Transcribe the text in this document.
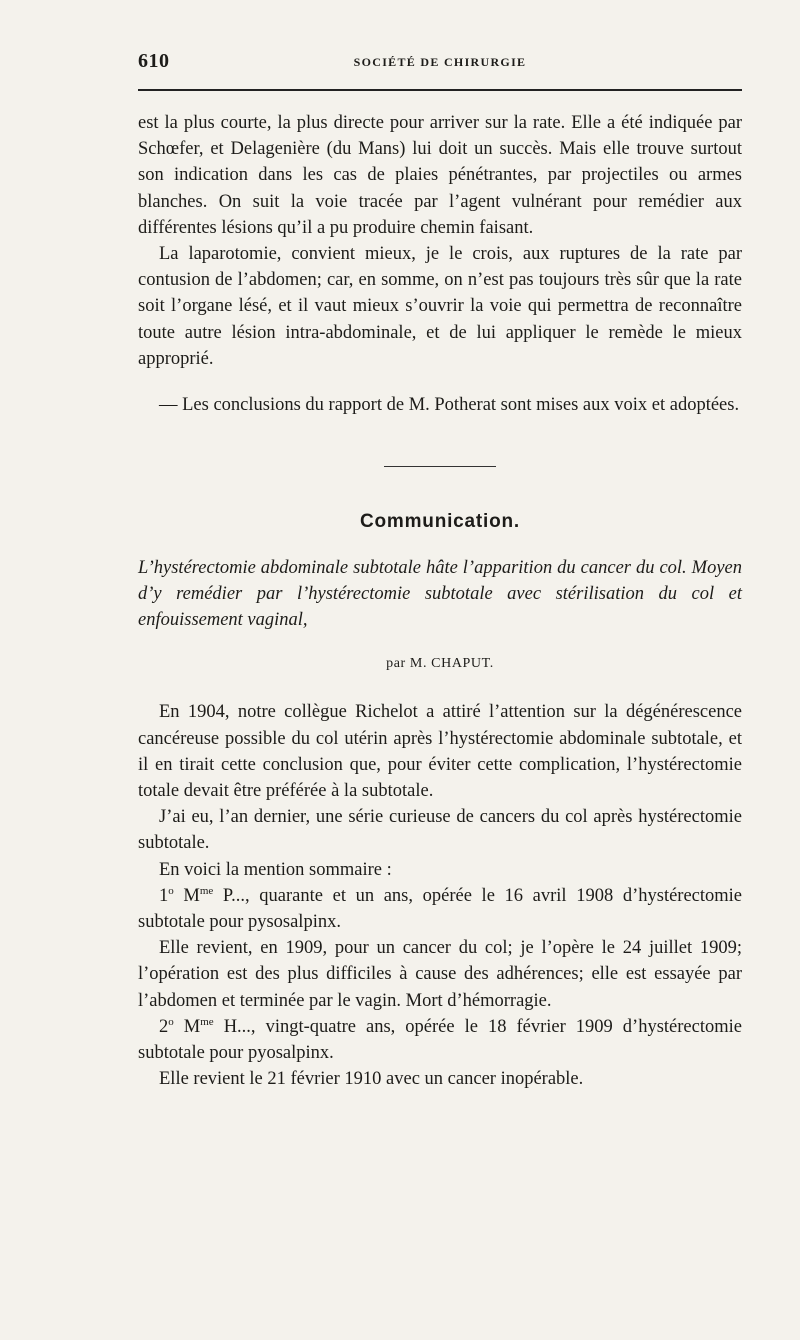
610	SOCIÉTÉ DE CHIRURGIE

est la plus courte, la plus directe pour arriver sur la rate. Elle a été indiquée par Schœfer, et Delagenière (du Mans) lui doit un succès. Mais elle trouve surtout son indication dans les cas de plaies pénétrantes, par projectiles ou armes blanches. On suit la voie tracée par l’agent vulnérant pour remédier aux différentes lésions qu’il a pu produire chemin faisant.

La laparotomie, convient mieux, je le crois, aux ruptures de la rate par contusion de l’abdomen; car, en somme, on n’est pas toujours très sûr que la rate soit l’organe lésé, et il vaut mieux s’ouvrir la voie qui permettra de reconnaître toute autre lésion intra-abdominale, et de lui appliquer le remède le mieux approprié.

— Les conclusions du rapport de M. Potherat sont mises aux voix et adoptées.

Communication.

L’hystérectomie abdominale subtotale hâte l’apparition du cancer du col. Moyen d’y remédier par l’hystérectomie subtotale avec stérilisation du col et enfouissement vaginal,

par M. CHAPUT.

En 1904, notre collègue Richelot a attiré l’attention sur la dégénérescence cancéreuse possible du col utérin après l’hystérectomie abdominale subtotale, et il en tirait cette conclusion que, pour éviter cette complication, l’hystérectomie totale devait être préférée à la subtotale.

J’ai eu, l’an dernier, une série curieuse de cancers du col après hystérectomie subtotale.

En voici la mention sommaire :

1$^o$ $M^{me}$ P..., quarante et un ans, opérée le 16 avril 1908 d’hystérectomie subtotale pour pysosalpinx.

Elle revient, en 1909, pour un cancer du col; je l’opère le 24 juillet 1909; l’opération est des plus difficiles à cause des adhérences; elle est essayée par l’abdomen et terminée par le vagin. Mort d’hémorragie.

2$^o$ $M^{me}$ H..., vingt-quatre ans, opérée le 18 février 1909 d’hystérectomie subtotale pour pyosalpinx.

Elle revient le 21 février 1910 avec un cancer inopérable.
